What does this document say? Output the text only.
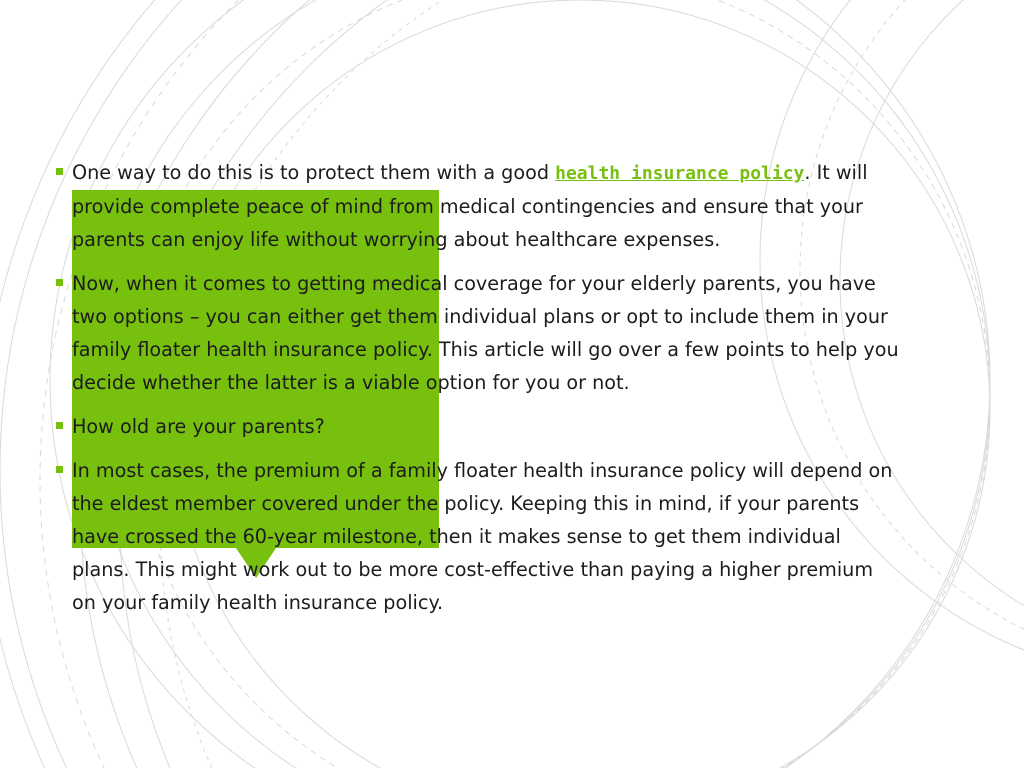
One way to do this is to protect them with a good health insurance policy. It will provide complete peace of mind from medical contingencies and ensure that your parents can enjoy life without worrying about healthcare expenses.
Now, when it comes to getting medical coverage for your elderly parents, you have two options – you can either get them individual plans or opt to include them in your family floater health insurance policy. This article will go over a few points to help you decide whether the latter is a viable option for you or not.
How old are your parents?
In most cases, the premium of a family floater health insurance policy will depend on the eldest member covered under the policy. Keeping this in mind, if your parents have crossed the 60-year milestone, then it makes sense to get them individual plans. This might work out to be more cost-effective than paying a higher premium on your family health insurance policy.
